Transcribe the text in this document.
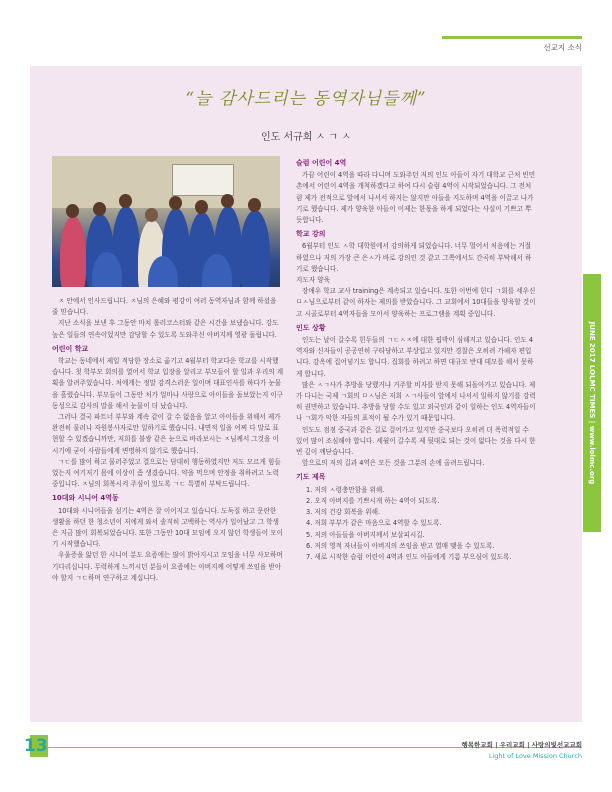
선교지 소식
“늘 감사드리는 동역자님들께”
인도 서규희 ㅅ ㄱ ㅅ

ㅈ 안에서 인사드립니다. ㅈ님의 은혜와 평강이 여러 동역자님과 함께 하셨을 줄 믿습니다.

지난 소식을 보낸 후 그동안 마치 롤러코스터와 같은 시간을 보냈습니다. 강도 높은 일들의 연속이었지만 감당할 수 있도록 도와주신 아버지께 영광 돌립니다.

어린이 학교

학교는 동네에서 제일 적당한 장소로 옮기고 4월부터 학교다운 학교를 시작했습니다. 첫 학부모 회의를 열어서 학교 입장을 알리고 부모들이 할 일과 우리의 계획을 알려주었습니다. 처에게는 정말 감격스러운 일이며 대표인사를 하다가 눈물을 흘렸습니다. 부모들이 그동안 처가 얼마나 사랑으로 아이들을 돌보았는지 이구동성으로 감사의 말을 해서 눈물이 더 났습니다.

그러나 결국 파트너 부부와 계속 같이 갈 수 없음을 알고 아이들을 위해서 제가 완전히 물러나 자원봉사자로만 일하기로 했습니다. 내면적 일을 어찌 다 말로 표현할 수 있겠습니까만, 저희를 불쌍 같은 눈으로 바라보시는 ㅈ님께서 그것을 이시기에 굳이 사람들에게 변명하지 않기로 했습니다.

ㄱㄷ를 많이 하고 물러주었고 결으로는 담대히 행동하였지만 저도 모르게 힘들었는지 여기저기 몸에 이상이 좀 생겼습니다. 약을 먹으며 안정을 취하려고 노력 중입니다. ㅈ님의 회복시켜 주심이 있도록 ㄱㄷ 특별히 부탁드립니다.

10대와 시니어 4역동

10대와 시니어들을 섬기는 4역은 잘 이어지고 있습니다. 도둑질 하고 문란한 생활을 하던 한 청소년이 저에게 와서 솔직히 고백하는 역사가 일어났고 그 학생은 지금 많이 회복되었습니다. 또한 그동안 10대 모임에 오지 않던 학생들이 모이기 시작했습니다.

우울증을 앓던 한 시니어 분도 요즘에는 많이 밝아지시고 모임을 너무 사모하며 기다리십니다. 무력하게 느끼시던 분들이 요즘에는 아버지께 어떻게 쓰임을 받아야 할지 ㄱㄷ하며 연구하고 계십니다.

슬럼 어린이 4역

가끔 어린이 4역을 따라 다니며 도와주던 저의 인도 아들이 자기 대학교 근처 빈민촌에서 어린이 4역을 개척하겠다고 하여 다시 슬럼 4역이 시작되었습니다. 그 전처럼 제가 전적으로 앞에서 나서서 하지는 않지만 아들을 지도하며 4역을 이끌고 나가기로 했습니다. 제가 양육한 아들이 이제는 한몫을 하게 되었다는 사실이 기쁘고 뿌듯합니다.

학교 강의

6월부터 인도 ㅅ학 대학원에서 강의하게 되었습니다. 너무 멀어서 처음에는 거절하였으나 저의 가장 큰 은ㅅ가 바로 강의인 것 같고 그쪽에서도 간곡히 부탁해서 하기로 했습니다.

지도자 양육

장애우 학교 교사 training은 계속되고 있습니다. 또한 이번에 힌디 ㄱ회를 세우신 ㅁㅅ님으로부터 같이 하자는 제의를 받았습니다. 그 교회에서 10대들을 양육할 것이고 시골로부터 4역자들을 모아서 양육하는 프로그램을 계획 중입니다.

인도 상황

인도는 날이 갈수록 힌두들의 ㄱㄷㅅㅈ에 대한 핍박이 심해지고 있습니다. 인도 4역자와 신자들이 공공연히 구타당하고 부상입고 있지만 경찰은 오히려 가해자 편입니다. 감옥에 집어넣기도 합니다. 집회를 하려고 하면 대규모 반대 데모를 해서 못하게 합니다.

많은 ㅅㄱ사가 추방을 당했거나 거주할 비자를 받지 못해 되돌아가고 있습니다. 제가 다니는 국제 ㄱ회의 ㅁㅅ님은 저희 ㅅㄱ사들이 앞에서 나서서 일하지 않기를 강력히 권면하고 있습니다. 추방을 당할 수도 있고 외국인과 같이 일하는 인도 4역자들이나 ㄱ회가 악한 자들의 표적이 될 수가 있기 때문입니다.

인도도 점점 중국과 같은 길로 걸어가고 있지만 중국보다 오히려 더 폭력적일 수 있어 많이 조심해야 합니다. 세월이 갈수록 제 뒷대로 되는 것이 없다는 것을 다시 한번 깊이 깨닫습니다.

앞으로의 저의 길과 4역은 모든 것을 그분의 손에 올려드립니다.

기도 제목
1. 저의 ㅅ령충만함을 위해.
2. 오직 아버지를 기쁘시게 하는 4역이 되도록.
3. 저의 건강 회복을 위해.
4. 저희 부부가 같은 마음으로 4역할 수 있도록.
5. 저의 아들들을 아버지께서 보살피시길.
6. 저의 영적 자녀들이 아버지의 쓰임을 받고 열매 맺을 수 있도록.
7. 새로 시작한 슬럼 어린이 4역과 인도 아들에게 기름 부으심이 있도록.
JUNE 2017 LOLMC TIMES | www.lolmc.org
13	행복한교회 | 우리교회 | 사랑의빛선교교회
Light of Love Mission Church
